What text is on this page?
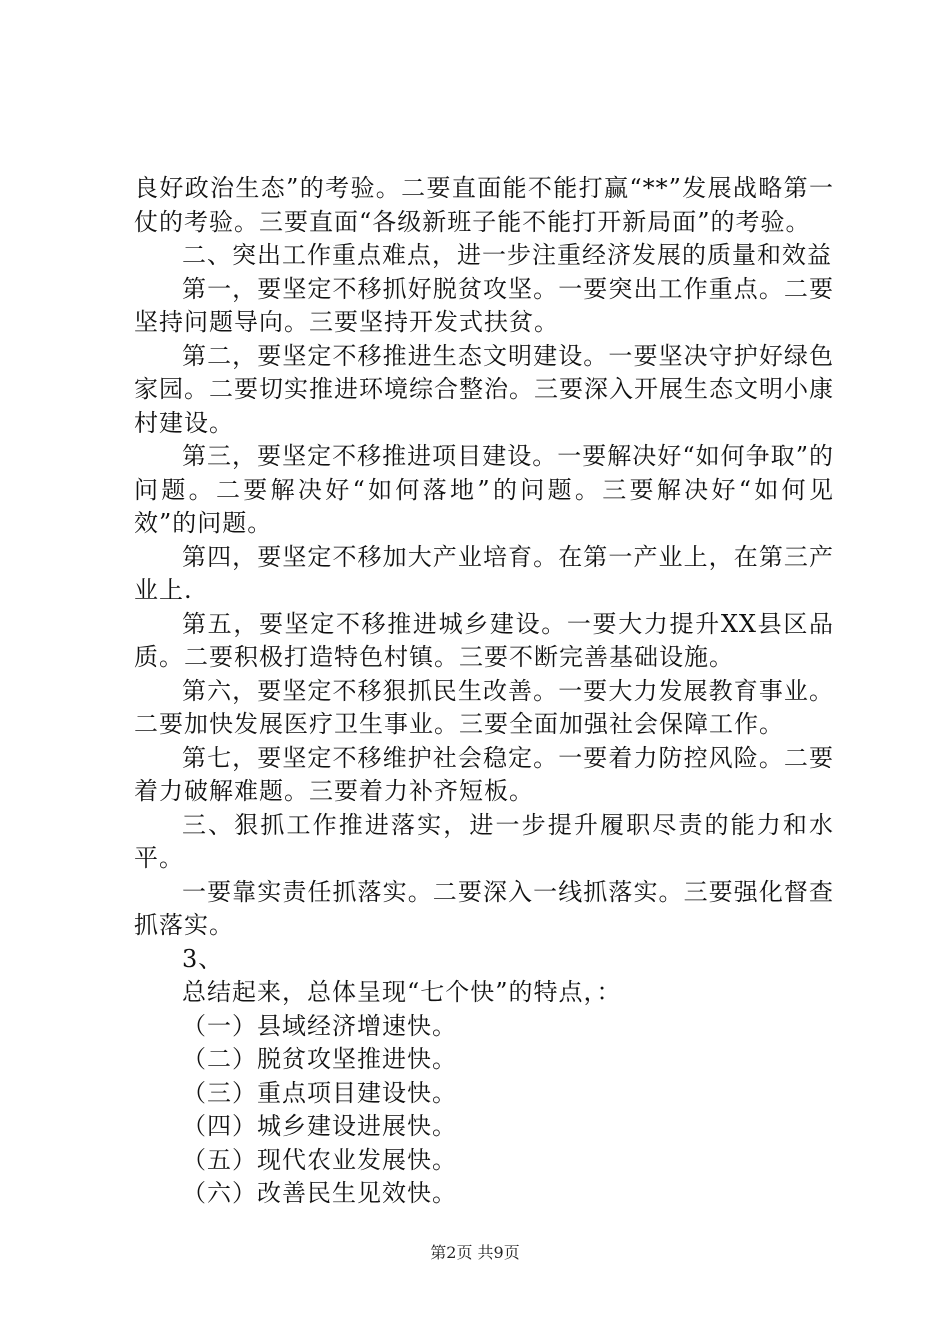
良好政治生态”的考验。二要直面能不能打赢“**”发展战略第一仗的考验。三要直面“各级新班子能不能打开新局面”的考验。

二、突出工作重点难点，进一步注重经济发展的质量和效益

第一，要坚定不移抓好脱贫攻坚。一要突出工作重点。二要坚持问题导向。三要坚持开发式扶贫。

第二，要坚定不移推进生态文明建设。一要坚决守护好绿色家园。二要切实推进环境综合整治。三要深入开展生态文明小康村建设。

第三，要坚定不移推进项目建设。一要解决好“如何争取”的问题。二要解决好“如何落地”的问题。三要解决好“如何见效”的问题。

第四，要坚定不移加大产业培育。在第一产业上，在第三产业上.

第五，要坚定不移推进城乡建设。一要大力提升XX县区品质。二要积极打造特色村镇。三要不断完善基础设施。

第六，要坚定不移狠抓民生改善。一要大力发展教育事业。二要加快发展医疗卫生事业。三要全面加强社会保障工作。

第七，要坚定不移维护社会稳定。一要着力防控风险。二要着力破解难题。三要着力补齐短板。

三、狠抓工作推进落实，进一步提升履职尽责的能力和水平。

一要靠实责任抓落实。二要深入一线抓落实。三要强化督查抓落实。

3、

总结起来，总体呈现“七个快”的特点，：

（一）县域经济增速快。

（二）脱贫攻坚推进快。

（三）重点项目建设快。

（四）城乡建设进展快。

（五）现代农业发展快。

（六）改善民生见效快。

第2页 共9页
